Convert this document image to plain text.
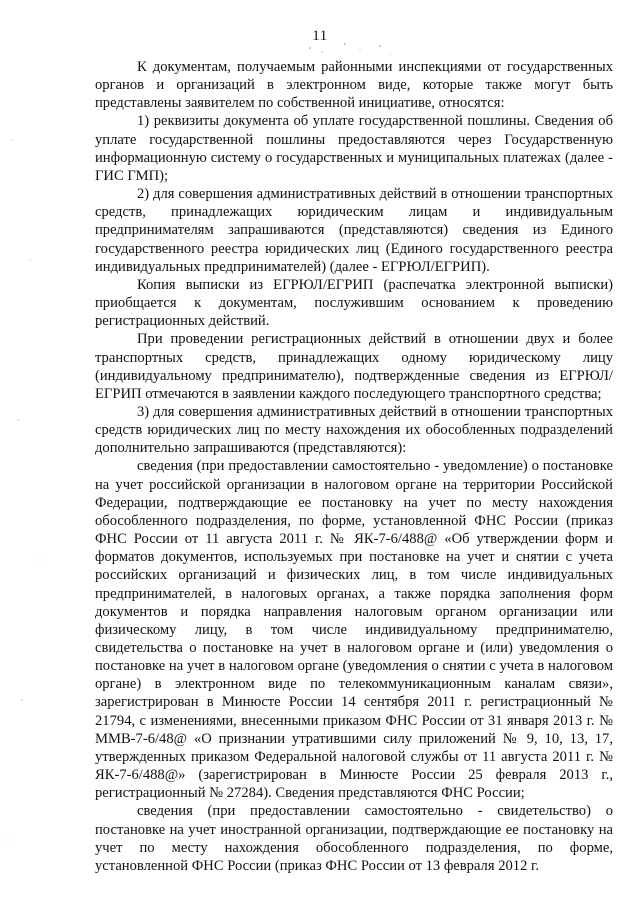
11

К документам, получаемым районными инспекциями от государственных органов и организаций в электронном виде, которые также могут быть представлены заявителем по собственной инициативе, относятся:

1) реквизиты документа об уплате государственной пошлины. Сведения об уплате государственной пошлины предоставляются через Государственную информационную систему о государственных и муниципальных платежах (далее - ГИС ГМП);

2) для совершения административных действий в отношении транспортных средств, принадлежащих юридическим лицам и индивидуальным предпринимателям запрашиваются (представляются) сведения из Единого государственного реестра юридических лиц (Единого государственного реестра индивидуальных предпринимателей) (далее - ЕГРЮЛ/ЕГРИП).

Копия выписки из ЕГРЮЛ/ЕГРИП (распечатка электронной выписки) приобщается к документам, послужившим основанием к проведению регистрационных действий.

При проведении регистрационных действий в отношении двух и более транспортных средств, принадлежащих одному юридическому лицу (индивидуальному предпринимателю), подтвержденные сведения из ЕГРЮЛ/ЕГРИП отмечаются в заявлении каждого последующего транспортного средства;

3) для совершения административных действий в отношении транспортных средств юридических лиц по месту нахождения их обособленных подразделений дополнительно запрашиваются (представляются):

сведения (при предоставлении самостоятельно - уведомление) о постановке на учет российской организации в налоговом органе на территории Российской Федерации, подтверждающие ее постановку на учет по месту нахождения обособленного подразделения, по форме, установленной ФНС России (приказ ФНС России от 11 августа 2011 г. № ЯК-7-6/488@ «Об утверждении форм и форматов документов, используемых при постановке на учет и снятии с учета российских организаций и физических лиц, в том числе индивидуальных предпринимателей, в налоговых органах, а также порядка заполнения форм документов и порядка направления налоговым органом организации или физическому лицу, в том числе индивидуальному предпринимателю, свидетельства о постановке на учет в налоговом органе и (или) уведомления о постановке на учет в налоговом органе (уведомления о снятии с учета в налоговом органе) в электронном виде по телекоммуникационным каналам связи», зарегистрирован в Минюсте России 14 сентября 2011 г. регистрационный № 21794, с изменениями, внесенными приказом ФНС России от 31 января 2013 г. № ММВ-7-6/48@ «О признании утратившими силу приложений № 9, 10, 13, 17, утвержденных приказом Федеральной налоговой службы от 11 августа 2011 г. № ЯК-7-6/488@» (зарегистрирован в Минюсте России 25 февраля 2013 г., регистрационный № 27284). Сведения представляются ФНС России;

сведения (при предоставлении самостоятельно - свидетельство) о постановке на учет иностранной организации, подтверждающие ее постановку на учет по месту нахождения обособленного подразделения, по форме, установленной ФНС России (приказ ФНС России от 13 февраля 2012 г.
